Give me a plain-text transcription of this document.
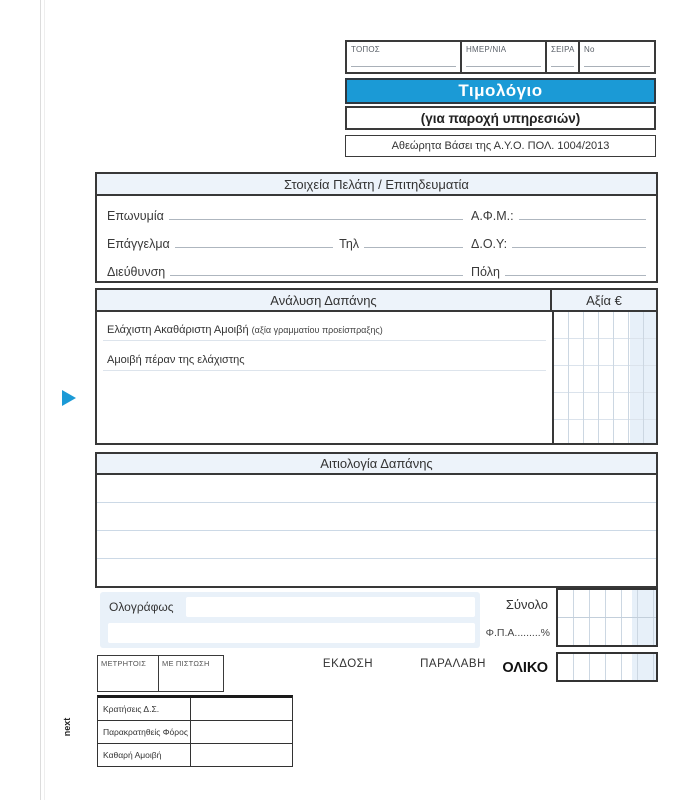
ΤΟΠΟΣ	ΗΜΕΡ/ΝΙΑ	ΣΕΙΡΑ No
Τιμολόγιο
(για παροχή υπηρεσιών)
Αθεώρητα Βάσει της Α.Υ.Ο. ΠΟΛ. 1004/2013
Στοιχεία Πελάτη / Επιτηδευματία
Επωνυμία	Α.Φ.Μ.:
Επάγγελμα	Τηλ	Δ.Ο.Υ:
Διεύθυνση	Πόλη
Ανάλυση Δαπάνης	Αξία €
Ελάχιστη Ακαθάριστη Αμοιβή (αξία γραμματίου προείσπραξης)
Αμοιβή πέραν της ελάχιστης
Αιτιολογία Δαπάνης
Ολογράφως	Σύνολο
Φ.Π.Α.........%
ΟΛΙΚΟ
ΜΕΤΡΗΤΟΙΣ ΜΕ ΠΙΣΤΩΣΗ	ΕΚΔΟΣΗ	ΠΑΡΑΛΑΒΗ
Κρατήσεις Δ.Σ.
Παρακρατηθείς Φόρος
Καθαρή Αμοιβή
next
